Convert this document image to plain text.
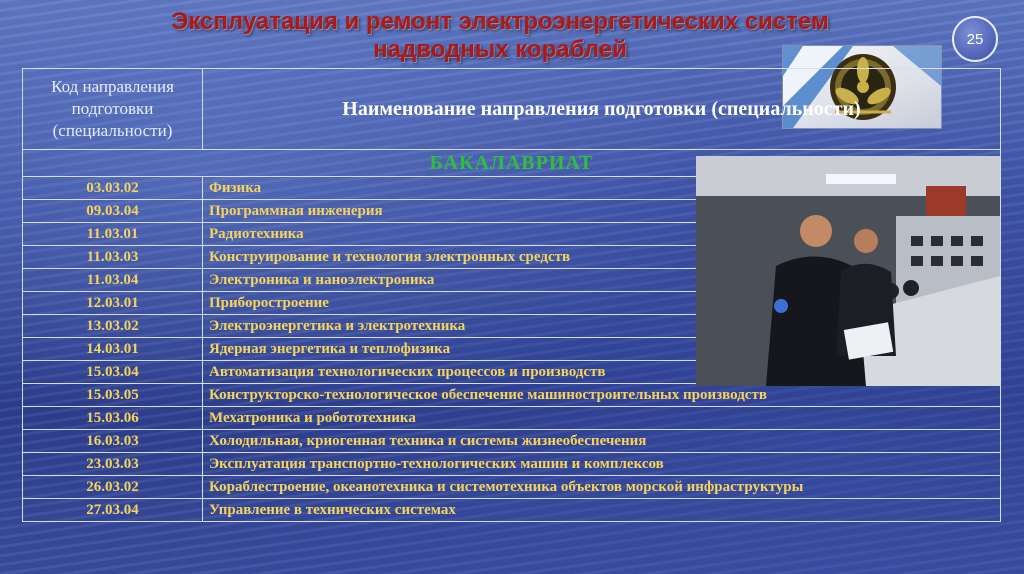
Эксплуатация и ремонт электроэнергетических систем
надводных кораблей	25
Код направления подготовки (специальности)	Наименование направления подготовки (специальности)
БАКАЛАВРИАТ	
03.03.02	Физика
09.03.04	Программная инженерия
11.03.01	Радиотехника
11.03.03	Конструирование и технология электронных средств
11.03.04	Электроника и наноэлектроника
12.03.01	Приборостроение
13.03.02	Электроэнергетика и электротехника
14.03.01	Ядерная энергетика и теплофизика
15.03.04	Автоматизация технологических процессов и производств
15.03.05	Конструкторско-технологическое обеспечение машиностроительных производств
15.03.06	Мехатроника и робототехника
16.03.03	Холодильная, криогенная техника и системы жизнеобеспечения
23.03.03	Эксплуатация транспортно-технологических машин и комплексов
26.03.02	Кораблестроение, океанотехника и системотехника объектов морской инфраструктуры
27.03.04	Управление в технических системах
